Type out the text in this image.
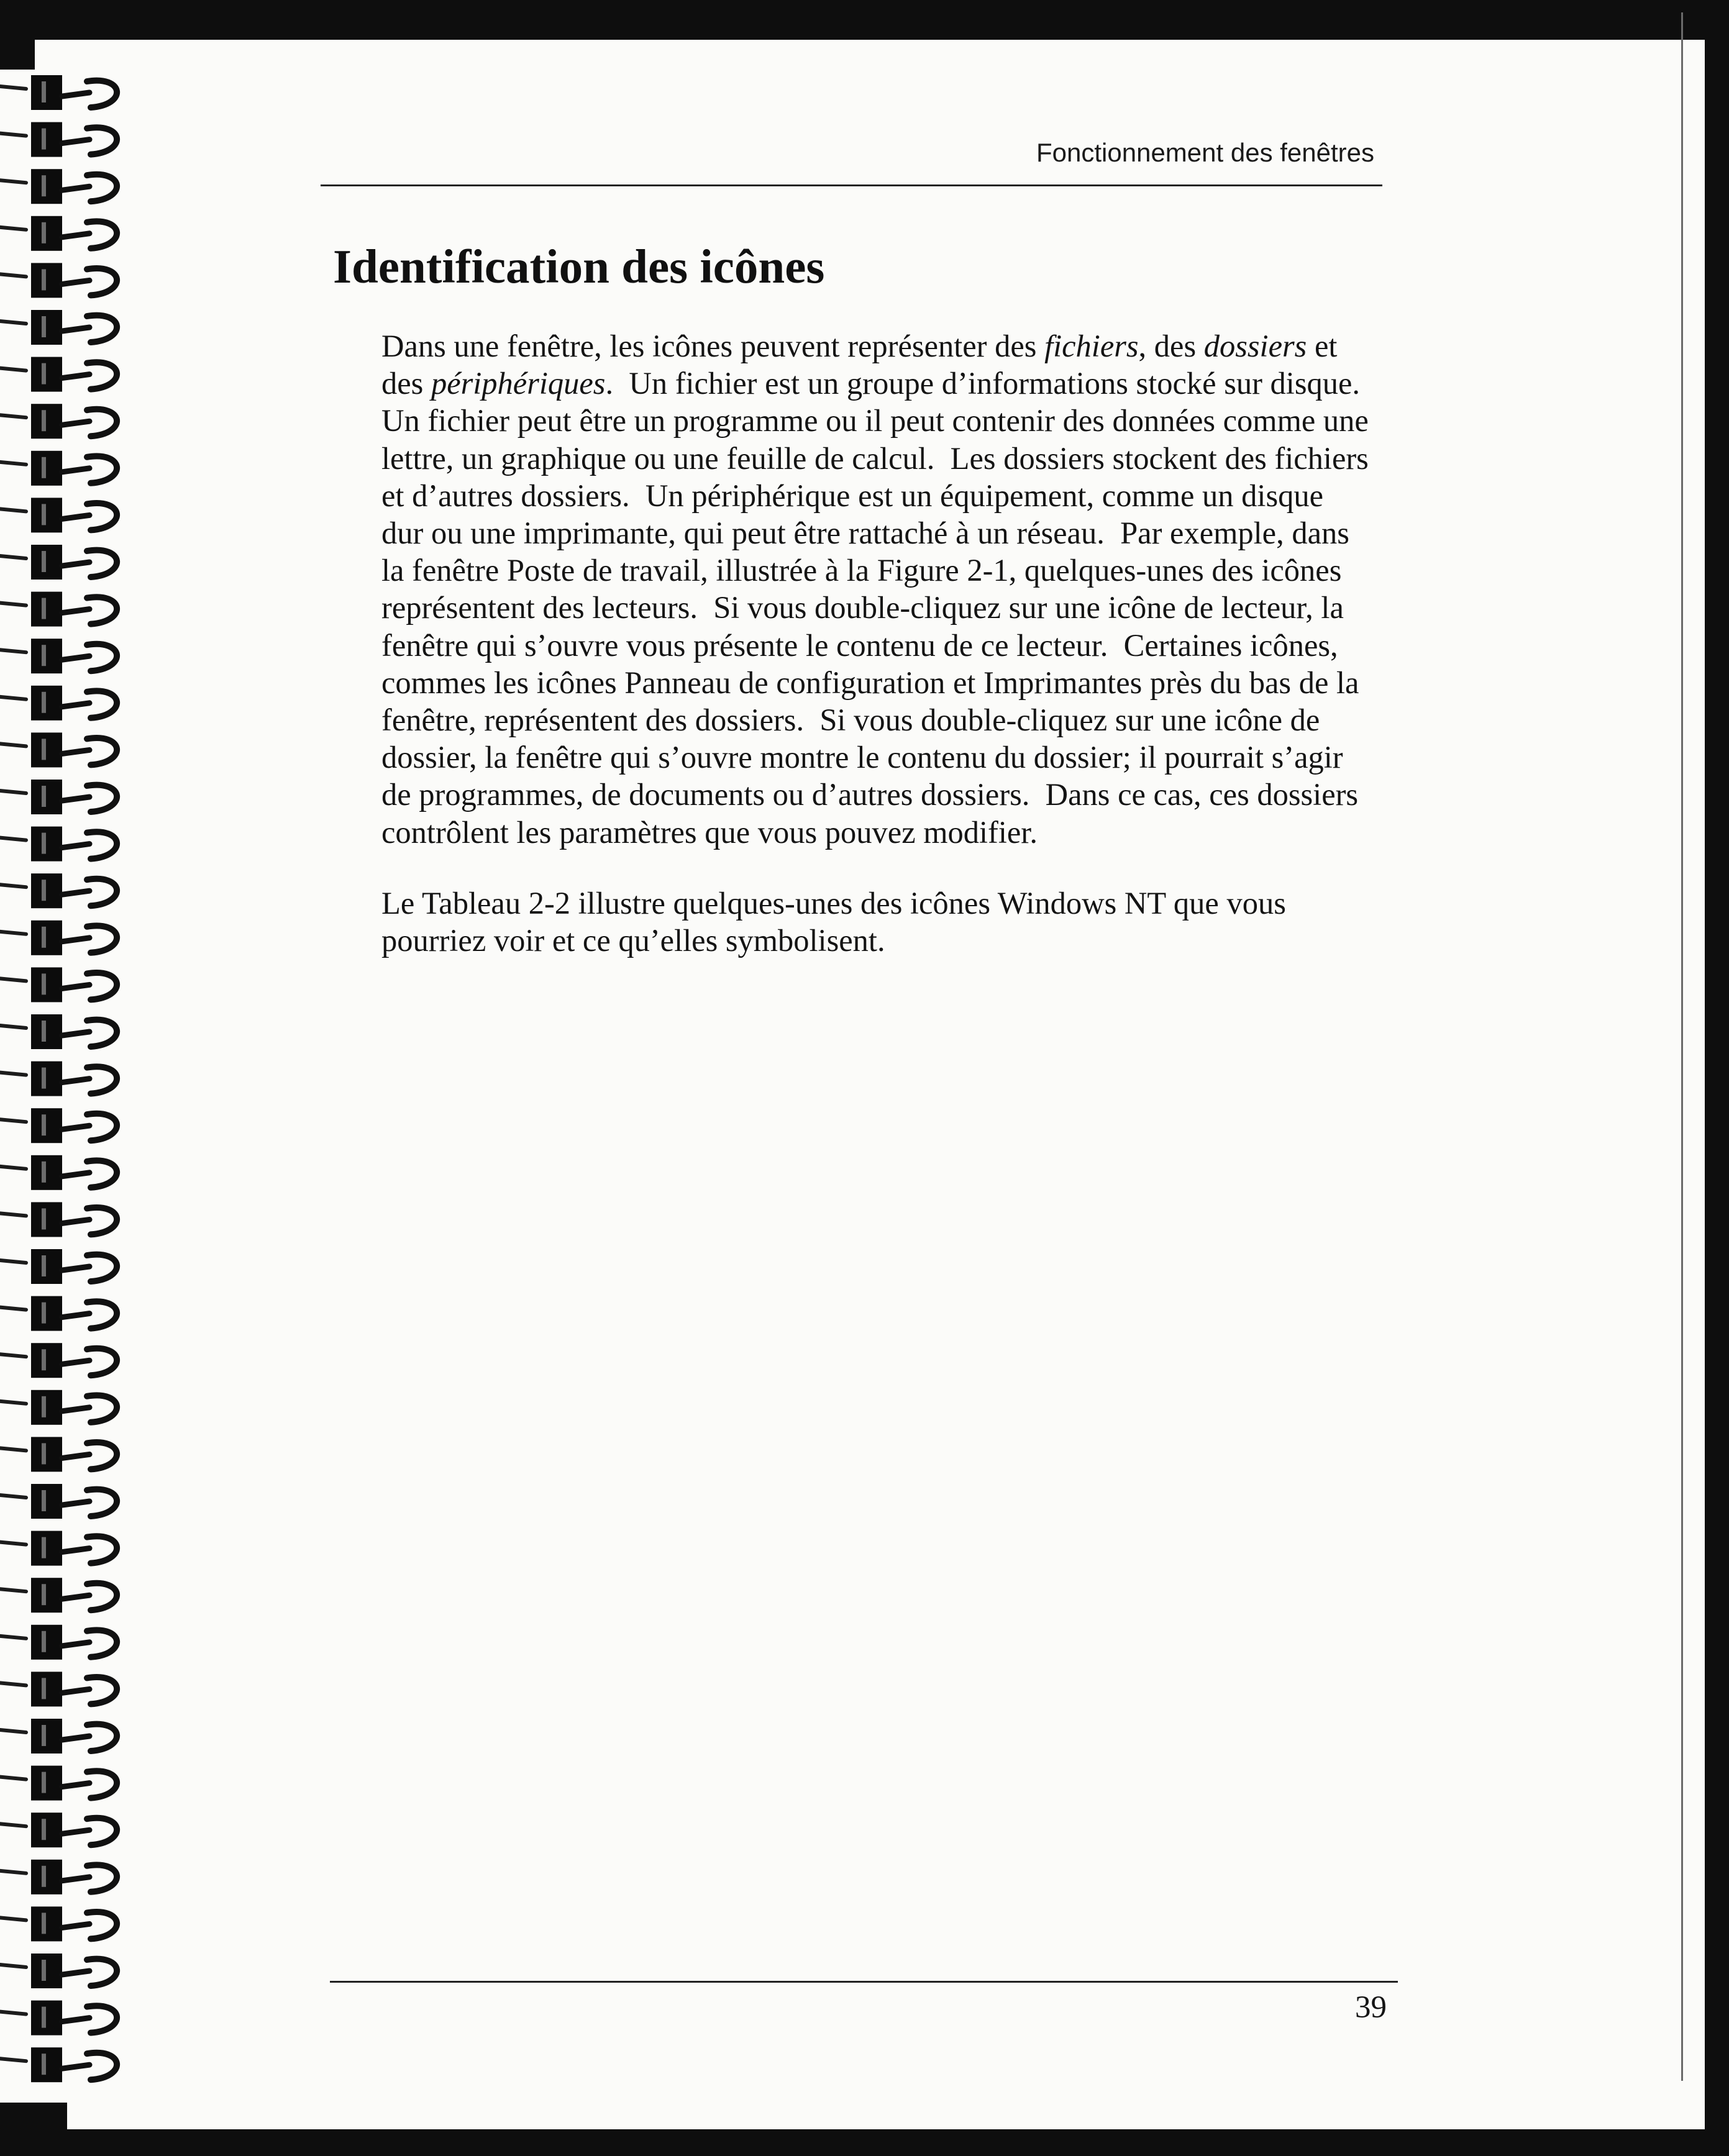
Fonctionnement des fenêtres
Identification des icônes
Dans une fenêtre, les icônes peuvent représenter des fichiers, des dossiers et
des périphériques.  Un fichier est un groupe d’informations stocké sur disque.
Un fichier peut être un programme ou il peut contenir des données comme une
lettre, un graphique ou une feuille de calcul.  Les dossiers stockent des fichiers
et d’autres dossiers.  Un périphérique est un équipement, comme un disque
dur ou une imprimante, qui peut être rattaché à un réseau.  Par exemple, dans
la fenêtre Poste de travail, illustrée à la Figure 2-1, quelques-unes des icônes
représentent des lecteurs.  Si vous double-cliquez sur une icône de lecteur, la
fenêtre qui s’ouvre vous présente le contenu de ce lecteur.  Certaines icônes,
commes les icônes Panneau de configuration et Imprimantes près du bas de la
fenêtre, représentent des dossiers.  Si vous double-cliquez sur une icône de
dossier, la fenêtre qui s’ouvre montre le contenu du dossier; il pourrait s’agir
de programmes, de documents ou d’autres dossiers.  Dans ce cas, ces dossiers
contrôlent les paramètres que vous pouvez modifier.
Le Tableau 2-2 illustre quelques-unes des icônes Windows NT que vous
pourriez voir et ce qu’elles symbolisent.
39
